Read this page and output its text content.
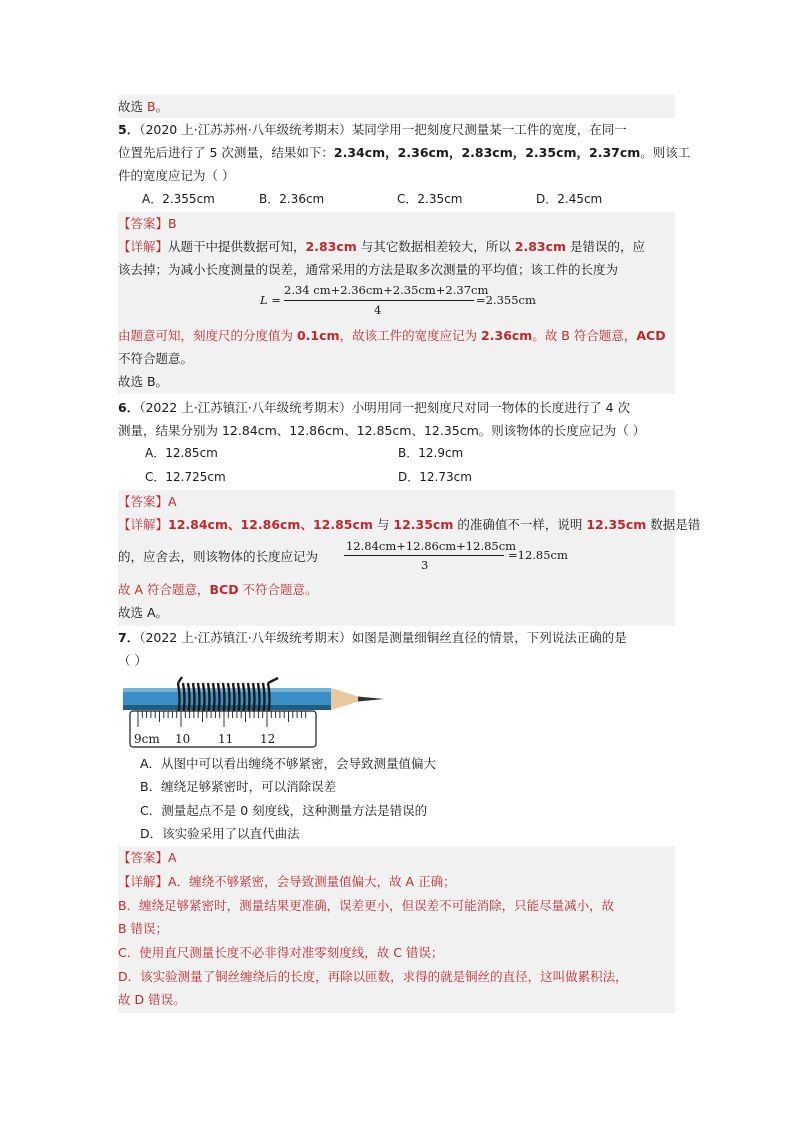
故选 B。
5．（2020 上·江苏苏州·八年级统考期末）某同学用一把刻度尺测量某一工件的宽度，在同一
位置先后进行了 5 次测量，结果如下：2.34cm，2.36cm，2.83cm，2.35cm，2.37cm。则该工
件的宽度应记为（ ）
A．2.355cm	B．2.36cm	C．2.35cm	D．2.45cm
【答案】B
【详解】从题干中提供数据可知，2.83cm 与其它数据相差较大，所以 2.83cm 是错误的，应
该去掉；为减小长度测量的误差，通常采用的方法是取多次测量的平均值；该工件的长度为
L =
2.34 cm+2.36cm+2.35cm+2.37cm
4
=2.355cm
由题意可知，刻度尺的分度值为 0.1cm，故该工件的宽度应记为 2.36cm。故 B 符合题意，ACD
不符合题意。
故选 B。
6．（2022 上·江苏镇江·八年级统考期末）小明用同一把刻度尺对同一物体的长度进行了 4 次
测量，结果分别为 12.84cm、12.86cm、12.85cm、12.35cm。则该物体的长度应记为（ ）
A．12.85cm	B．12.9cm
C．12.725cm	D．12.73cm
【答案】A
【详解】12.84cm、12.86cm、12.85cm 与 12.35cm 的准确值不一样，说明 12.35cm 数据是错
的，应舍去，则该物体的长度应记为
12.84cm+12.86cm+12.85cm
3
=12.85cm
故 A 符合题意，BCD 不符合题意。
故选 A。
7．（2022 上·江苏镇江·八年级统考期末）如图是测量细铜丝直径的情景，下列说法正确的是
（ ）
9cm 10 11 12
A．从图中可以看出缠绕不够紧密，会导致测量值偏大
B．缠绕足够紧密时，可以消除误差
C．测量起点不是 0 刻度线，这种测量方法是错误的
D．该实验采用了以直代曲法
【答案】A
【详解】A．缠绕不够紧密，会导致测量值偏大，故 A 正确；
B．缠绕足够紧密时，测量结果更准确，误差更小，但误差不可能消除，只能尽量减小，故
B 错误；
C．使用直尺测量长度不必非得对准零刻度线，故 C 错误；
D．该实验测量了铜丝缠绕后的长度，再除以匝数，求得的就是铜丝的直径，这叫做累积法，
故 D 错误。
